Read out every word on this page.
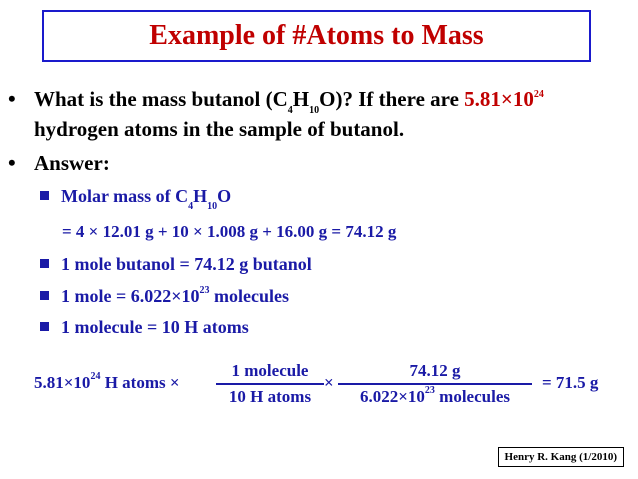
Example of #Atoms to Mass
• What is the mass butanol $(C_4H_{10}O)$? If there are $5.81\times 10^{24}$
hydrogen atoms in the sample of butanol.
• Answer:
Molar mass of $C_4H_{10}O$
= 4 × 12.01 g + 10 × 1.008 g + 16.00 g = 74.12 g
1 mole butanol = 74.12 g butanol
1 mole = $6.022\times 10^{23}$ molecules
1 molecule = 10 H atoms
$5.81\times 10^{24}$ H atoms ×
1 molecule
10 H atoms
×
74.12 g
$6.022\times 10^{23}$ molecules
= 71.5 g
Henry R. Kang (1/2010)
